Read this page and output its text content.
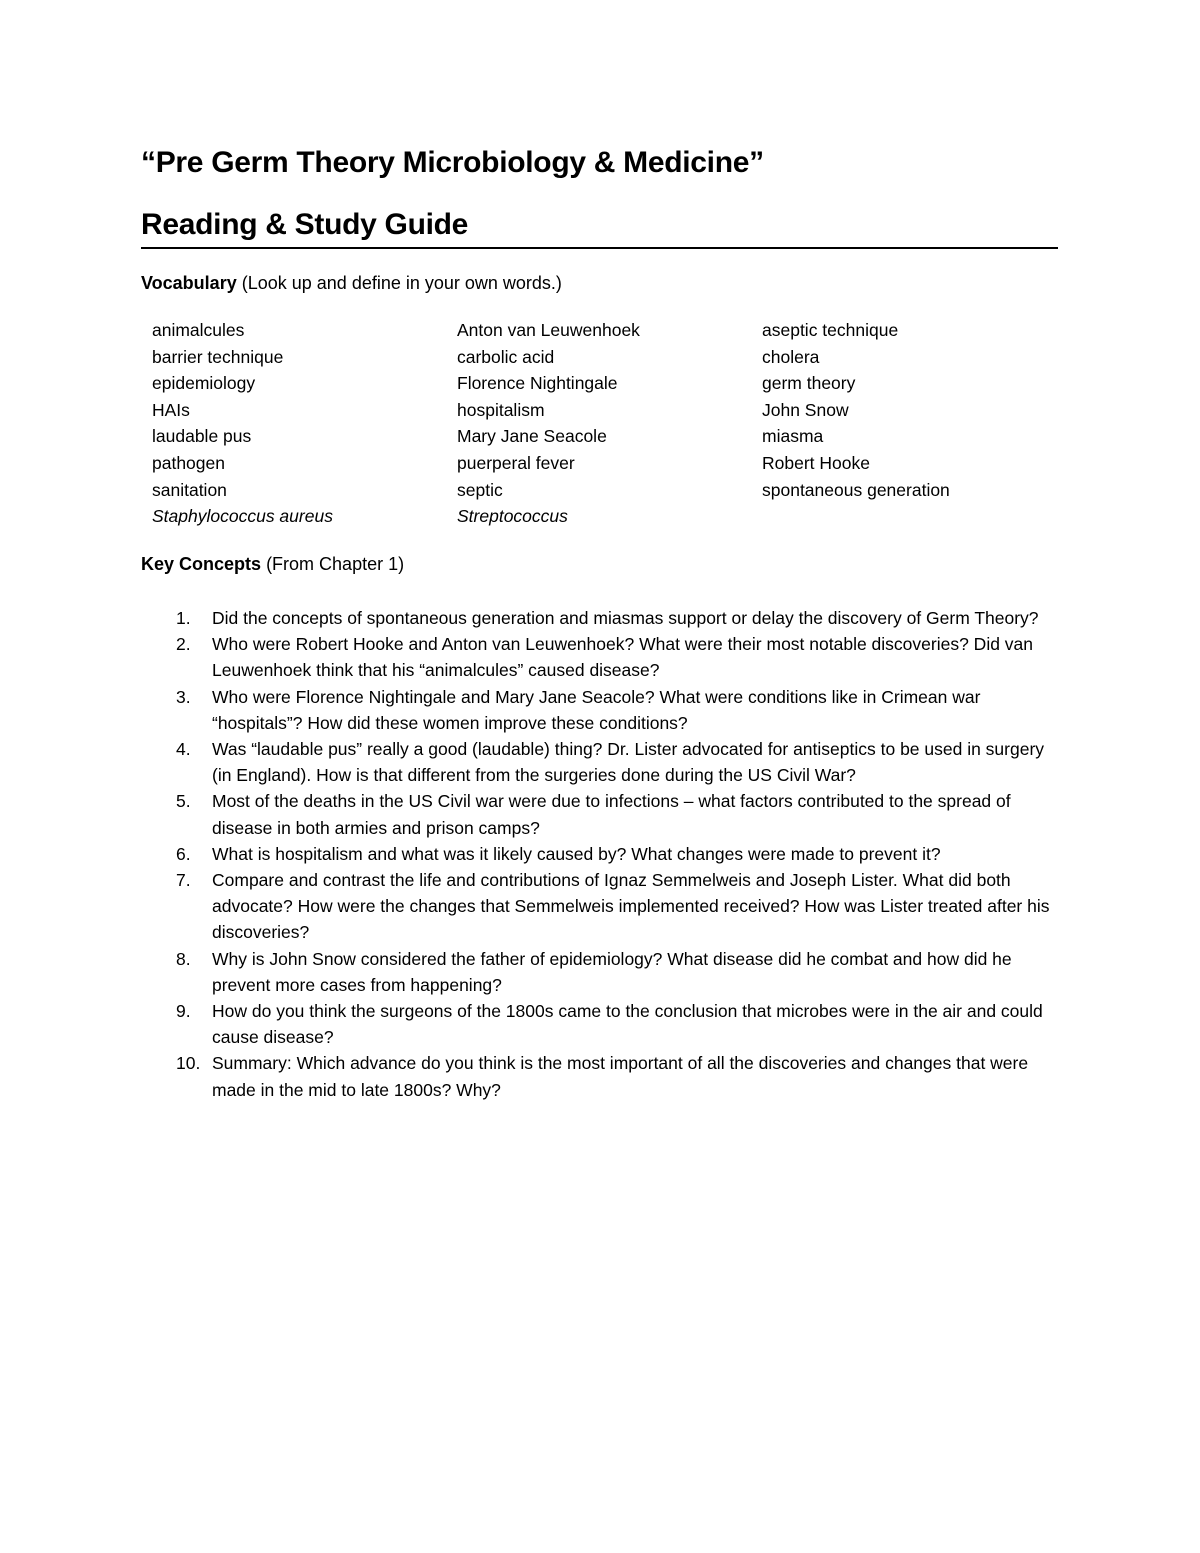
“Pre Germ Theory Microbiology & Medicine”
Reading & Study Guide
Vocabulary (Look up and define in your own words.)
animalcules
barrier technique
epidemiology
HAIs
laudable pus
pathogen
sanitation
Staphylococcus aureus
Anton van Leuwenhoek
carbolic acid
Florence Nightingale
hospitalism
Mary Jane Seacole
puerperal fever
septic
Streptococcus
aseptic technique
cholera
germ theory
John Snow
miasma
Robert Hooke
spontaneous generation
Key Concepts (From Chapter 1)
1. Did the concepts of spontaneous generation and miasmas support or delay the discovery of Germ Theory?
2. Who were Robert Hooke and Anton van Leuwenhoek? What were their most notable discoveries? Did van Leuwenhoek think that his “animalcules” caused disease?
3. Who were Florence Nightingale and Mary Jane Seacole? What were conditions like in Crimean war “hospitals”? How did these women improve these conditions?
4. Was “laudable pus” really a good (laudable) thing? Dr. Lister advocated for antiseptics to be used in surgery (in England). How is that different from the surgeries done during the US Civil War?
5. Most of the deaths in the US Civil war were due to infections – what factors contributed to the spread of disease in both armies and prison camps?
6. What is hospitalism and what was it likely caused by? What changes were made to prevent it?
7. Compare and contrast the life and contributions of Ignaz Semmelweis and Joseph Lister. What did both advocate? How were the changes that Semmelweis implemented received? How was Lister treated after his discoveries?
8. Why is John Snow considered the father of epidemiology? What disease did he combat and how did he prevent more cases from happening?
9. How do you think the surgeons of the 1800s came to the conclusion that microbes were in the air and could cause disease?
10. Summary: Which advance do you think is the most important of all the discoveries and changes that were made in the mid to late 1800s? Why?
